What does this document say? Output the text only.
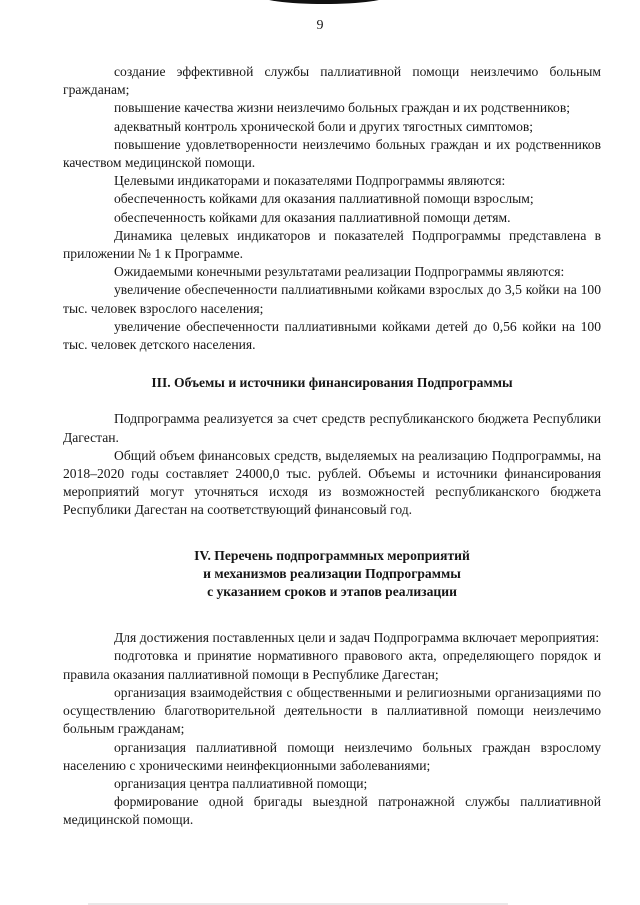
9

создание эффективной службы паллиативной помощи неизлечимо больным гражданам;

повышение качества жизни неизлечимо больных граждан и их родственников;

адекватный контроль хронической боли и других тягостных симптомов;

повышение удовлетворенности неизлечимо больных граждан и их родственников качеством медицинской помощи.

Целевыми индикаторами и показателями Подпрограммы являются:

обеспеченность койками для оказания паллиативной помощи взрослым;

обеспеченность койками для оказания паллиативной помощи детям.

Динамика целевых индикаторов и показателей Подпрограммы представлена в приложении № 1 к Программе.

Ожидаемыми конечными результатами реализации Подпрограммы являются:

увеличение обеспеченности паллиативными койками взрослых до 3,5 койки на 100 тыс. человек взрослого населения;

увеличение обеспеченности паллиативными койками детей до 0,56 койки на 100 тыс. человек детского населения.

III. Объемы и источники финансирования Подпрограммы

Подпрограмма реализуется за счет средств республиканского бюджета Республики Дагестан.

Общий объем финансовых средств, выделяемых на реализацию Подпрограммы, на 2018–2020 годы составляет 24000,0 тыс. рублей. Объемы и источники финансирования мероприятий могут уточняться исходя из возможностей республиканского бюджета Республики Дагестан на соответствующий финансовый год.

IV. Перечень подпрограммных мероприятий
и механизмов реализации Подпрограммы
с указанием сроков и этапов реализации

Для достижения поставленных цели и задач Подпрограмма включает мероприятия:

подготовка и принятие нормативного правового акта, определяющего порядок и правила оказания паллиативной помощи в Республике Дагестан;

организация взаимодействия с общественными и религиозными организациями по осуществлению благотворительной деятельности в паллиативной помощи неизлечимо больным гражданам;

организация паллиативной помощи неизлечимо больных граждан взрослому населению с хроническими неинфекционными заболеваниями;

организация центра паллиативной помощи;

формирование одной бригады выездной патронажной службы паллиативной медицинской помощи.
